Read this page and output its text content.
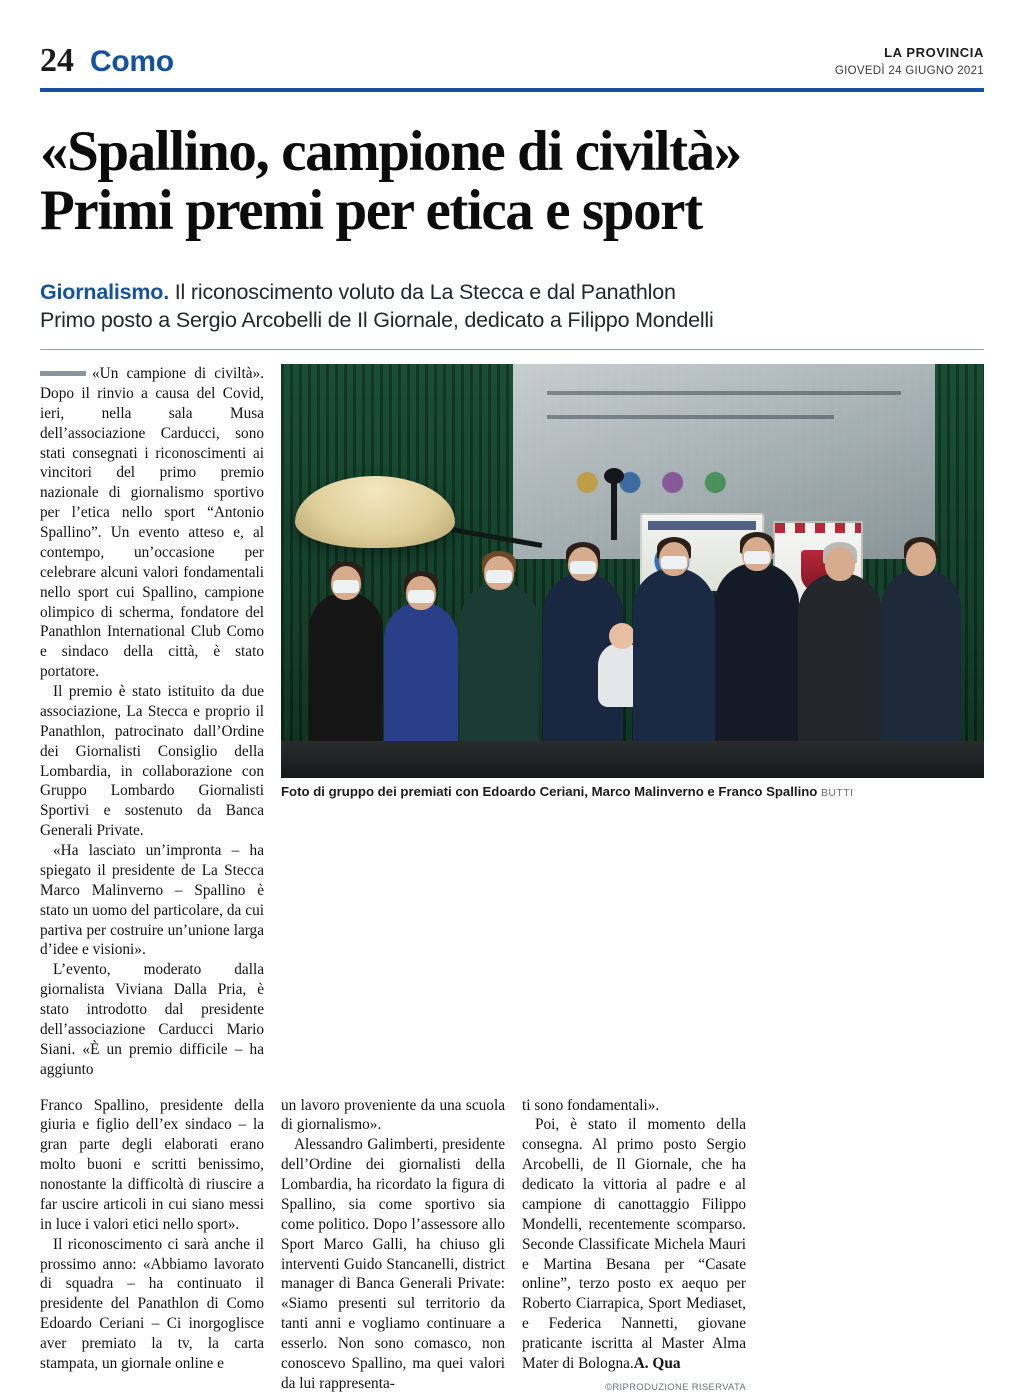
24 Como	LA PROVINCIA
GIOVEDÌ 24 GIUGNO 2021
«Spallino, campione di civiltà»
Primi premi per etica e sport
Giornalismo. Il riconoscimento voluto da La Stecca e dal Panathlon
Primo posto a Sergio Arcobelli de Il Giornale, dedicato a Filippo Mondelli

«Un campione di civiltà». Dopo il rinvio a causa del Covid, ieri, nella sala Musa dell’associazione Carducci, sono stati consegnati i riconoscimenti ai vincitori del primo premio nazionale di giornalismo sportivo per l’etica nello sport “Antonio Spallino”. Un evento atteso e, al contempo, un’occasione per celebrare alcuni valori fondamentali nello sport cui Spallino, campione olimpico di scherma, fondatore del Panathlon International Club Como e sindaco della città, è stato portatore.

Il premio è stato istituito da due associazione, La Stecca e proprio il Panathlon, patrocinato dall’Ordine dei Giornalisti Consiglio della Lombardia, in collaborazione con Gruppo Lombardo Giornalisti Sportivi e sostenuto da Banca Generali Private.

«Ha lasciato un’impronta – ha spiegato il presidente de La Stecca Marco Malinverno – Spallino è stato un uomo del particolare, da cui partiva per costruire un’unione larga d’idee e visioni».

L’evento, moderato dalla giornalista Viviana Dalla Pria, è stato introdotto dal presidente dell’associazione Carducci Mario Siani. «È un premio difficile – ha aggiunto

Foto di gruppo dei premiati con Edoardo Ceriani, Marco Malinverno e Franco Spallino BUTTI

Franco Spallino, presidente della giuria e figlio dell’ex sindaco – la gran parte degli elaborati erano molto buoni e scritti benissimo, nonostante la difficoltà di riuscire a far uscire articoli in cui siano messi in luce i valori etici nello sport».

Il riconoscimento ci sarà anche il prossimo anno: «Abbiamo lavorato di squadra – ha continuato il presidente del Panathlon di Como Edoardo Ceriani – Ci inorgoglisce aver premiato la tv, la carta stampata, un giornale online e

un lavoro proveniente da una scuola di giornalismo».

Alessandro Galimberti, presidente dell’Ordine dei giornalisti della Lombardia, ha ricordato la figura di Spallino, sia come sportivo sia come politico. Dopo l’assessore allo Sport Marco Galli, ha chiuso gli interventi Guido Stancanelli, district manager di Banca Generali Private: «Siamo presenti sul territorio da tanti anni e vogliamo continuare a esserlo. Non sono comasco, non conoscevo Spallino, ma quei valori da lui rappresenta-

ti sono fondamentali».

Poi, è stato il momento della consegna. Al primo posto Sergio Arcobelli, de Il Giornale, che ha dedicato la vittoria al padre e al campione di canottaggio Filippo Mondelli, recentemente scomparso. Seconde Classificate Michela Mauri e Martina Besana per “Casate online”, terzo posto ex aequo per Roberto Ciarrapica, Sport Mediaset, e Federica Nannetti, giovane praticante iscritta al Master Alma Mater di Bologna.A. Qua

©RIPRODUZIONE RISERVATA
